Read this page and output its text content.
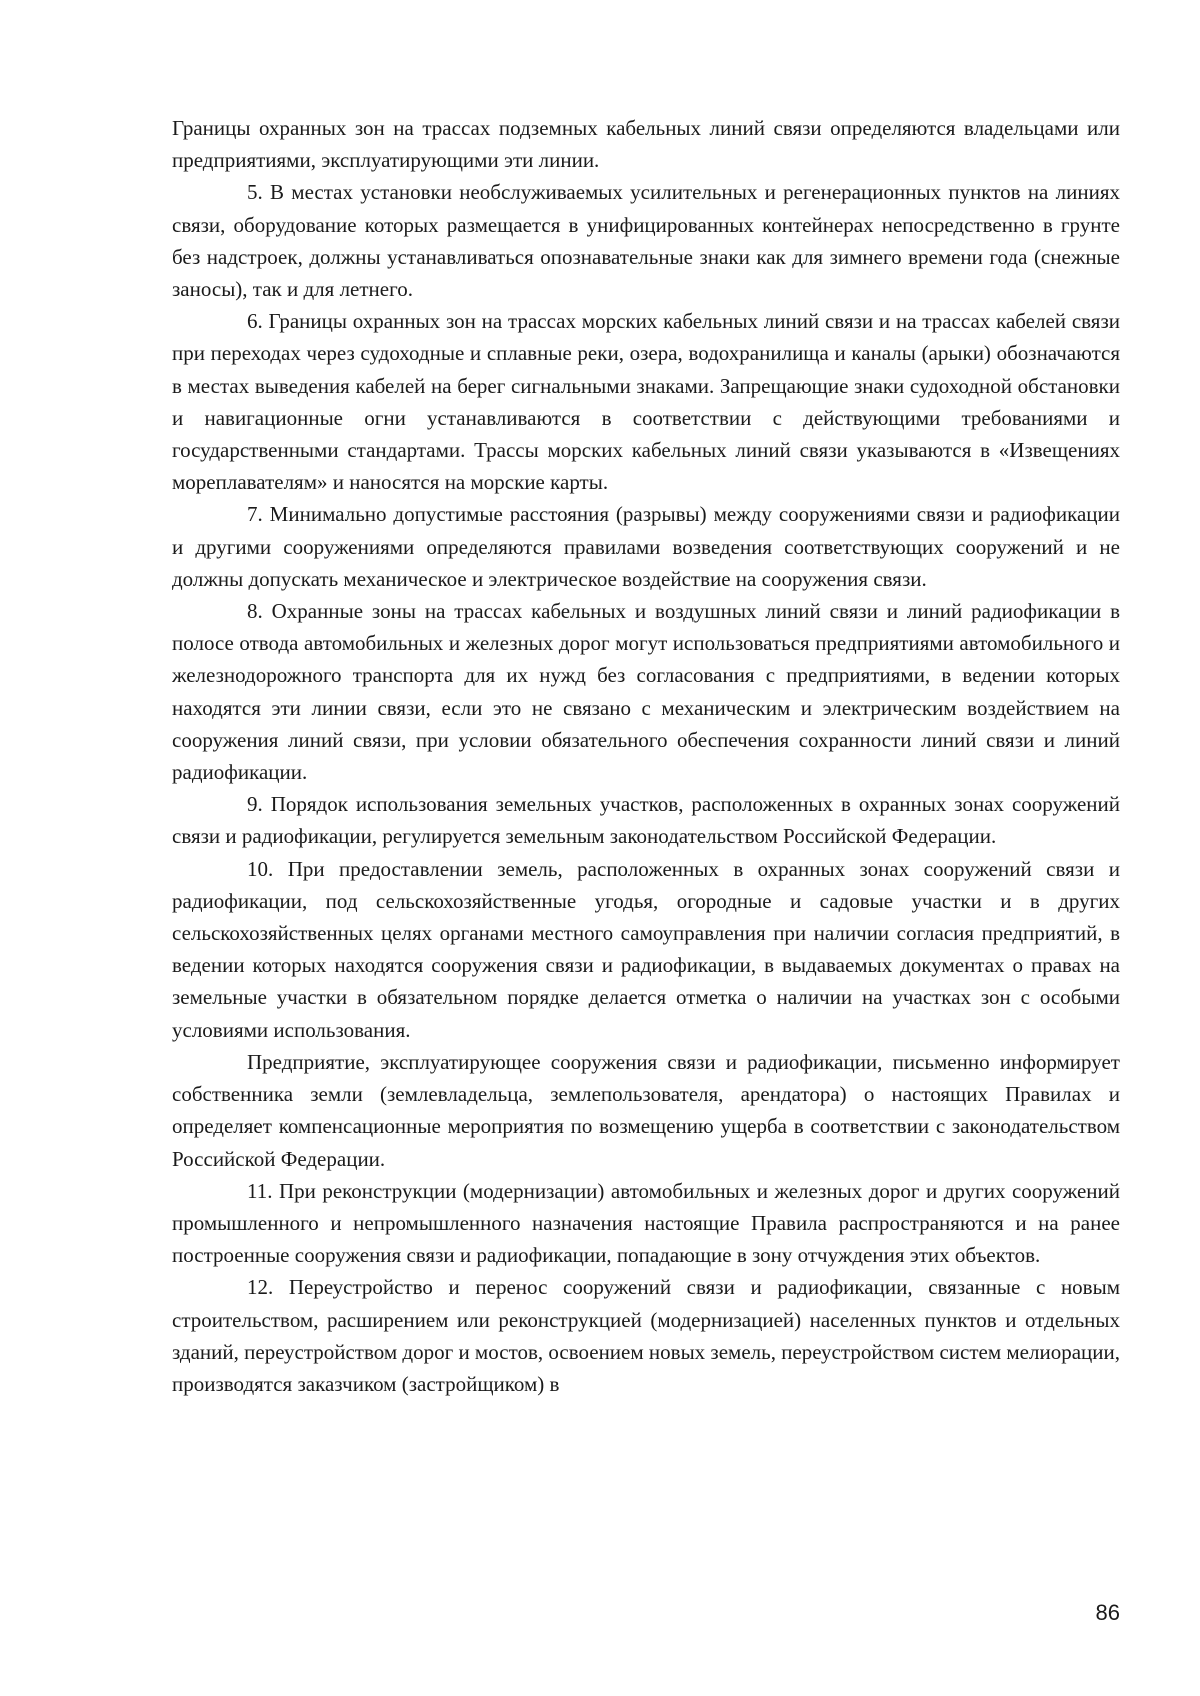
Границы охранных зон на трассах подземных кабельных линий связи определяются владельцами или предприятиями, эксплуатирующими эти линии.

5. В местах установки необслуживаемых усилительных и регенерационных пунктов на линиях связи, оборудование которых размещается в унифицированных контейнерах непосредственно в грунте без надстроек, должны устанавливаться опознавательные знаки как для зимнего времени года (снежные заносы), так и для летнего.

6. Границы охранных зон на трассах морских кабельных линий связи и на трассах кабелей связи при переходах через судоходные и сплавные реки, озера, водохранилища и каналы (арыки) обозначаются в местах выведения кабелей на берег сигнальными знаками. Запрещающие знаки судоходной обстановки и навигационные огни устанавливаются в соответствии с действующими требованиями и государственными стандартами. Трассы морских кабельных линий связи указываются в «Извещениях мореплавателям» и наносятся на морские карты.

7. Минимально допустимые расстояния (разрывы) между сооружениями связи и радиофикации и другими сооружениями определяются правилами возведения соответствующих сооружений и не должны допускать механическое и электрическое воздействие на сооружения связи.

8. Охранные зоны на трассах кабельных и воздушных линий связи и линий радиофикации в полосе отвода автомобильных и железных дорог могут использоваться предприятиями автомобильного и железнодорожного транспорта для их нужд без согласования с предприятиями, в ведении которых находятся эти линии связи, если это не связано с механическим и электрическим воздействием на сооружения линий связи, при условии обязательного обеспечения сохранности линий связи и линий радиофикации.

9. Порядок использования земельных участков, расположенных в охранных зонах сооружений связи и радиофикации, регулируется земельным законодательством Российской Федерации.

10. При предоставлении земель, расположенных в охранных зонах сооружений связи и радиофикации, под сельскохозяйственные угодья, огородные и садовые участки и в других сельскохозяйственных целях органами местного самоуправления при наличии согласия предприятий, в ведении которых находятся сооружения связи и радиофикации, в выдаваемых документах о правах на земельные участки в обязательном порядке делается отметка о наличии на участках зон с особыми условиями использования.

Предприятие, эксплуатирующее сооружения связи и радиофикации, письменно информирует собственника земли (землевладельца, землепользователя, арендатора) о настоящих Правилах и определяет компенсационные мероприятия по возмещению ущерба в соответствии с законодательством Российской Федерации.

11. При реконструкции (модернизации) автомобильных и железных дорог и других сооружений промышленного и непромышленного назначения настоящие Правила распространяются и на ранее построенные сооружения связи и радиофикации, попадающие в зону отчуждения этих объектов.

12. Переустройство и перенос сооружений связи и радиофикации, связанные с новым строительством, расширением или реконструкцией (модернизацией) населенных пунктов и отдельных зданий, переустройством дорог и мостов, освоением новых земель, переустройством систем мелиорации, производятся заказчиком (застройщиком) в

86
